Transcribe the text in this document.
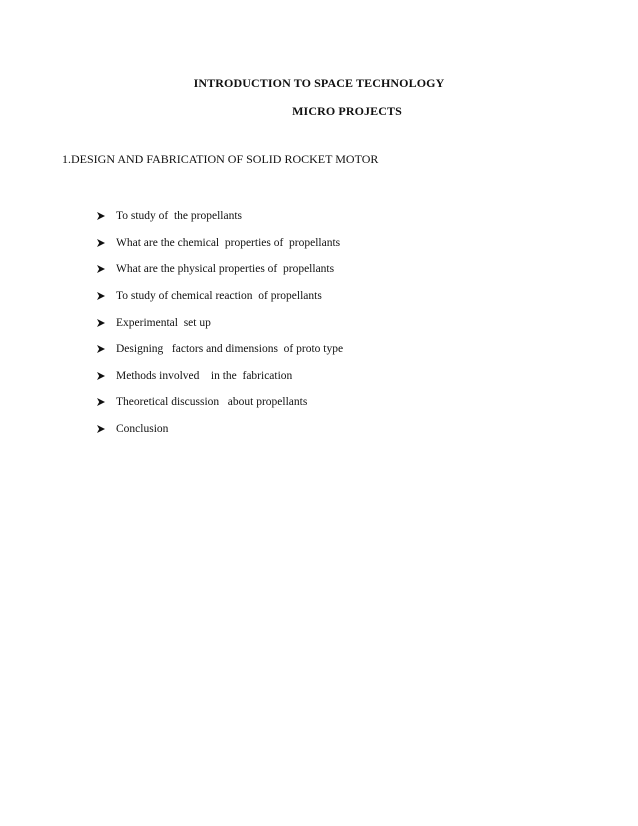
INTRODUCTION TO SPACE TECHNOLOGY
MICRO PROJECTS
1.DESIGN AND FABRICATION OF SOLID ROCKET MOTOR
To study of  the propellants
What are the chemical  properties of  propellants
What are the physical properties of  propellants
To study of chemical reaction  of propellants
Experimental  set up
Designing   factors and dimensions  of proto type
Methods involved    in the  fabrication
Theoretical discussion   about propellants
Conclusion
